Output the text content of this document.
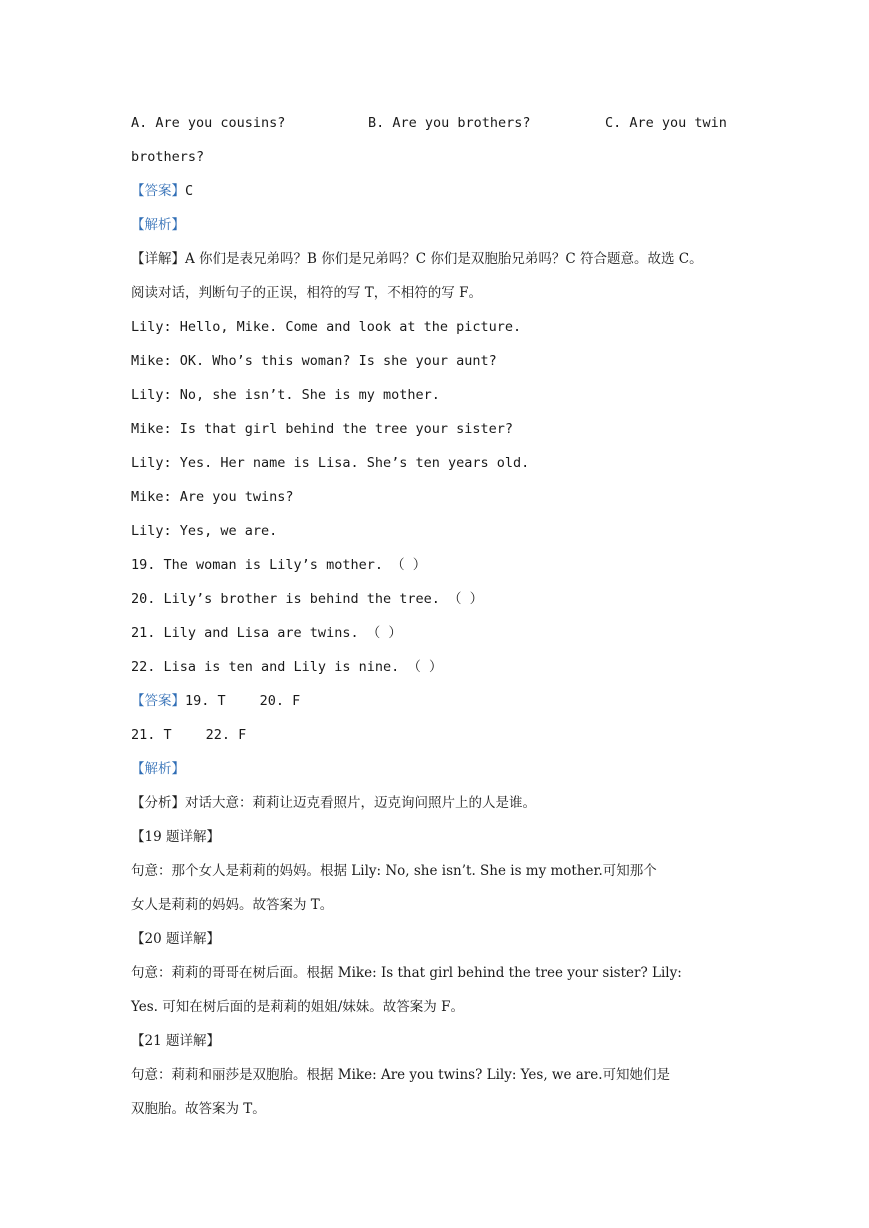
A. Are you cousins?	B. Are you brothers?	C. Are you twin
brothers?
【答案】C
【解析】
【详解】A 你们是表兄弟吗？B 你们是兄弟吗？C 你们是双胞胎兄弟吗？C 符合题意。故选 C。
阅读对话，判断句子的正误，相符的写 T，不相符的写 F。
Lily: Hello, Mike. Come and look at the picture.
Mike: OK. Who’s this woman? Is she your aunt?
Lily: No, she isn’t. She is my mother.
Mike: Is that girl behind the tree your sister?
Lily: Yes. Her name is Lisa. She’s ten years old.
Mike: Are you twins?
Lily: Yes, we are.
19. The woman is Lily’s mother. （ ）
20. Lily’s brother is behind the tree. （ ）
21. Lily and Lisa are twins. （ ）
22. Lisa is ten and Lily is nine. （ ）
【答案】19. T	20. F
21. T	22. F
【解析】
【分析】对话大意：莉莉让迈克看照片，迈克询问照片上的人是谁。
【19 题详解】
句意：那个女人是莉莉的妈妈。根据 Lily: No, she isn’t. She is my mother.可知那个
女人是莉莉的妈妈。故答案为 T。
【20 题详解】
句意：莉莉的哥哥在树后面。根据 Mike: Is that girl behind the tree your sister? Lily:
Yes. 可知在树后面的是莉莉的姐姐/妹妹。故答案为 F。
【21 题详解】
句意：莉莉和丽莎是双胞胎。根据 Mike: Are you twins? Lily: Yes, we are.可知她们是
双胞胎。故答案为 T。
